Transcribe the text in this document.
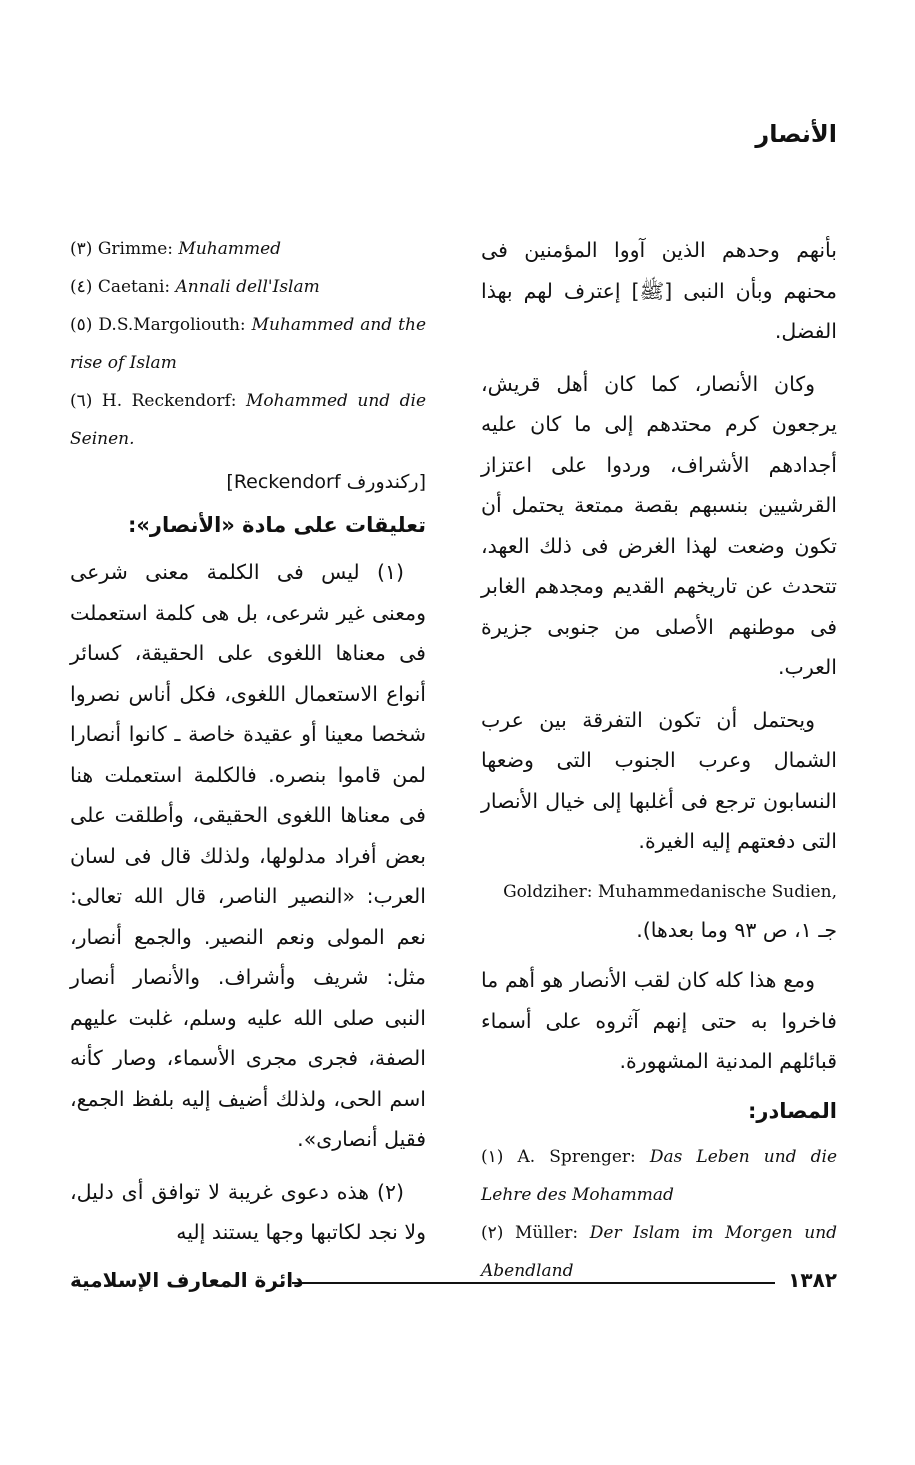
الأنصار

بأنهم وحدهم الذين آووا المؤمنين فى محنهم وبأن النبى [ﷺ] إعترف لهم بهذا الفضل.

وكان الأنصار، كما كان أهل قريش، يرجعون كرم محتدهم إلى ما كان عليه أجدادهم الأشراف، وردوا على اعتزاز القرشيين بنسبهم بقصة ممتعة يحتمل أن تكون وضعت لهذا الغرض فى ذلك العهد، تتحدث عن تاريخهم القديم ومجدهم الغابر فى موطنهم الأصلى من جنوبى جزيرة العرب.

ويحتمل أن تكون التفرقة بين عرب الشمال وعرب الجنوب التى وضعها النسابون ترجع فى أغلبها إلى خيال الأنصار التى دفعتهم إليه الغيرة.

Goldziher: Muhammedanische Sudien,

جـ ١، ص ٩٣ وما بعدها).

ومع هذا كله كان لقب الأنصار هو أهم ما فاخروا به حتى إنهم آثروه على أسماء قبائلهم المدنية المشهورة.

المصادر:

(١) A. Sprenger: Das Leben und die Lehre des Mohammad

(٢) Müller: Der Islam im Morgen und Abendland

(٣) Grimme: Muhammed

(٤) Caetani: Annali dell'Islam

(٥) D.S.Margoliouth: Muhammed and the rise of Islam

(٦) H. Reckendorf: Mohammed und die Seinen.

[ركندورف Reckendorf]
تعليقات على مادة «الأنصار»:

(١) ليس فى الكلمة معنى شرعى ومعنى غير شرعى، بل هى كلمة استعملت فى معناها اللغوى على الحقيقة، كسائر أنواع الاستعمال اللغوى، فكل أناس نصروا شخصا معينا أو عقيدة خاصة ـ كانوا أنصارا لمن قاموا بنصره. فالكلمة استعملت هنا فى معناها اللغوى الحقيقى، وأطلقت على بعض أفراد مدلولها، ولذلك قال فى لسان العرب: «النصير الناصر، قال الله تعالى: نعم المولى ونعم النصير. والجمع أنصار، مثل: شريف وأشراف. والأنصار أنصار النبى صلى الله عليه وسلم، غلبت عليهم الصفة، فجرى مجرى الأسماء، وصار كأنه اسم الحى، ولذلك أضيف إليه بلفظ الجمع، فقيل أنصارى».

(٢) هذه دعوى غريبة لا توافق أى دليل، ولا نجد لكاتبها وجها يستند إليه

١٣٨٢
دائرة المعارف الإسلامية
